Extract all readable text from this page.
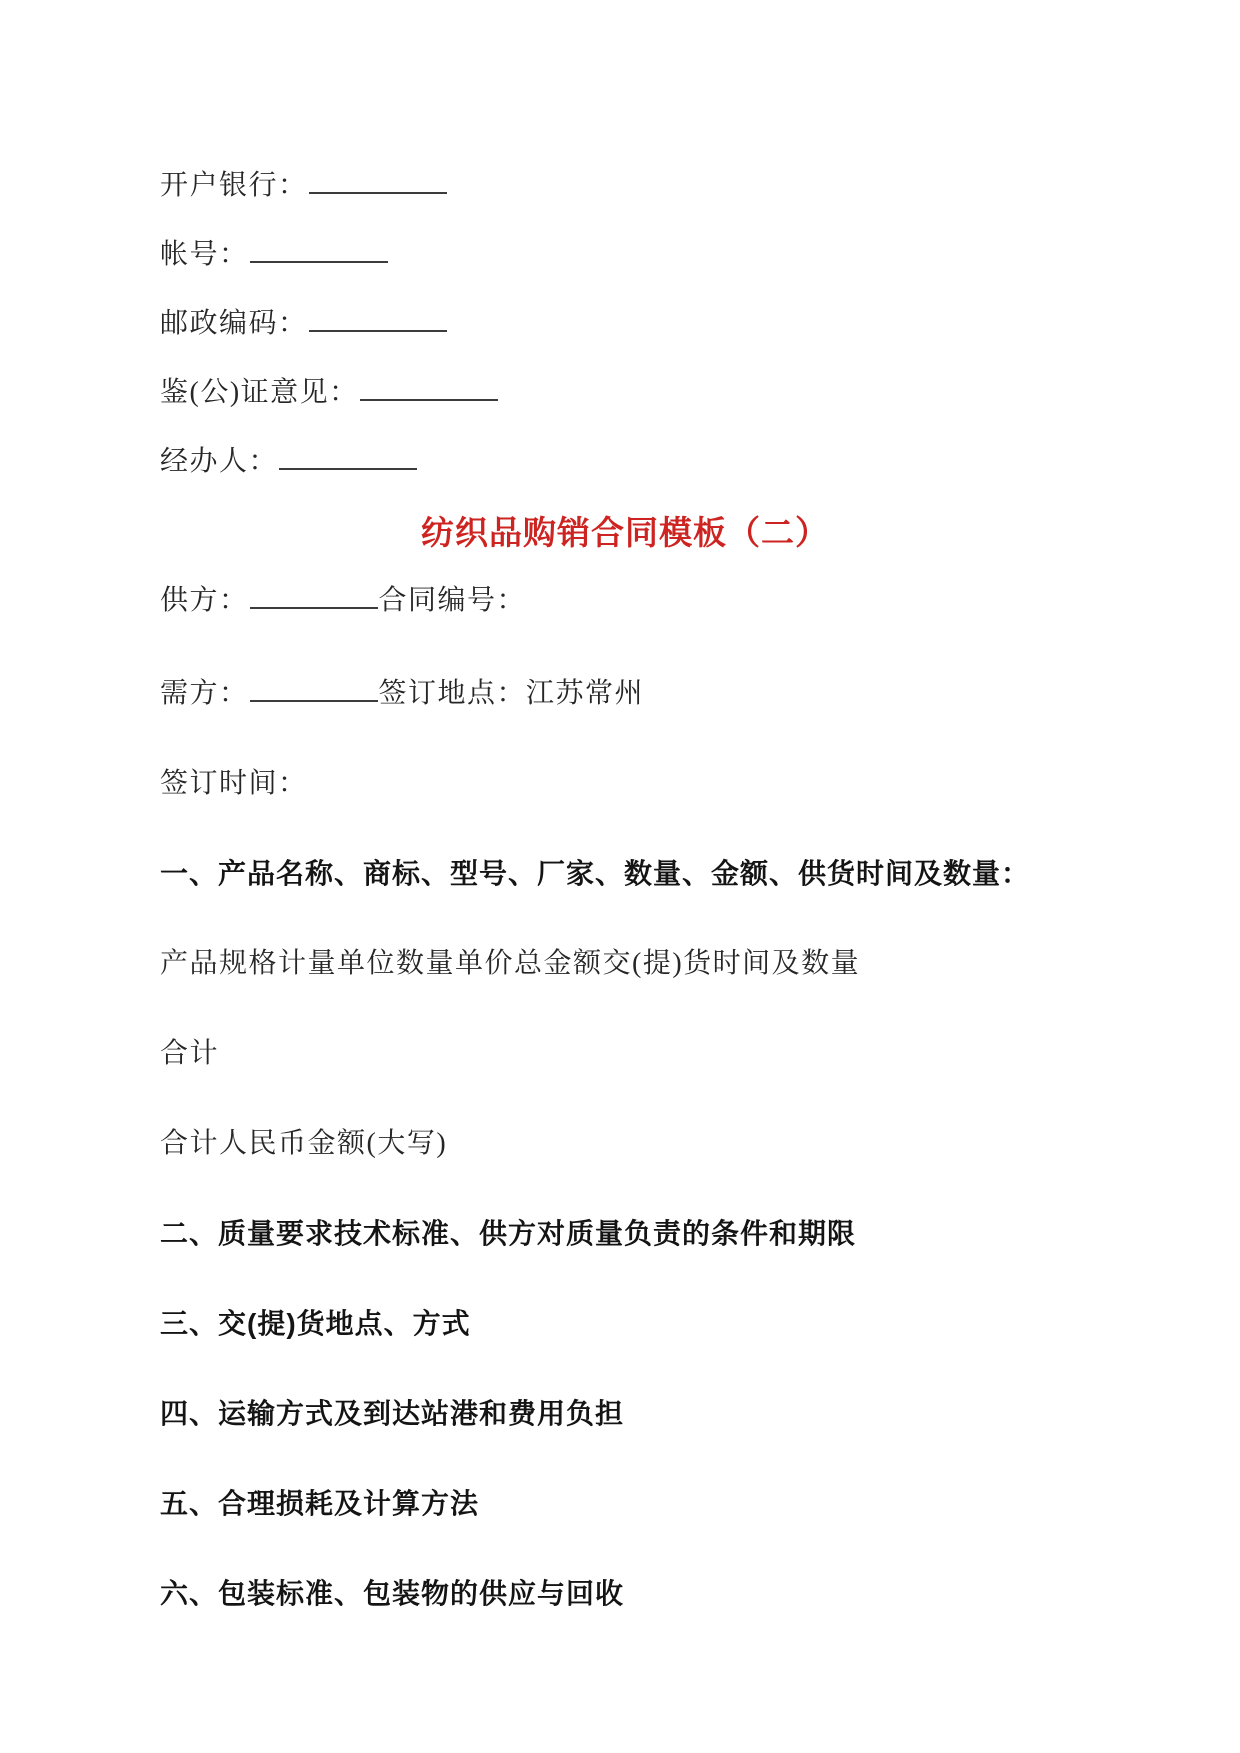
开户银行：

帐号：

邮政编码：

鉴(公)证意见：

经办人：

纺织品购销合同模板（二）

供方：	合同编号：

需方：	签订地点：江苏常州

签订时间：

一、产品名称、商标、型号、厂家、数量、金额、供货时间及数量：

产品规格计量单位数量单价总金额交(提)货时间及数量

合计

合计人民币金额(大写)

二、质量要求技术标准、供方对质量负责的条件和期限

三、交(提)货地点、方式

四、运输方式及到达站港和费用负担

五、合理损耗及计算方法

六、包装标准、包装物的供应与回收
